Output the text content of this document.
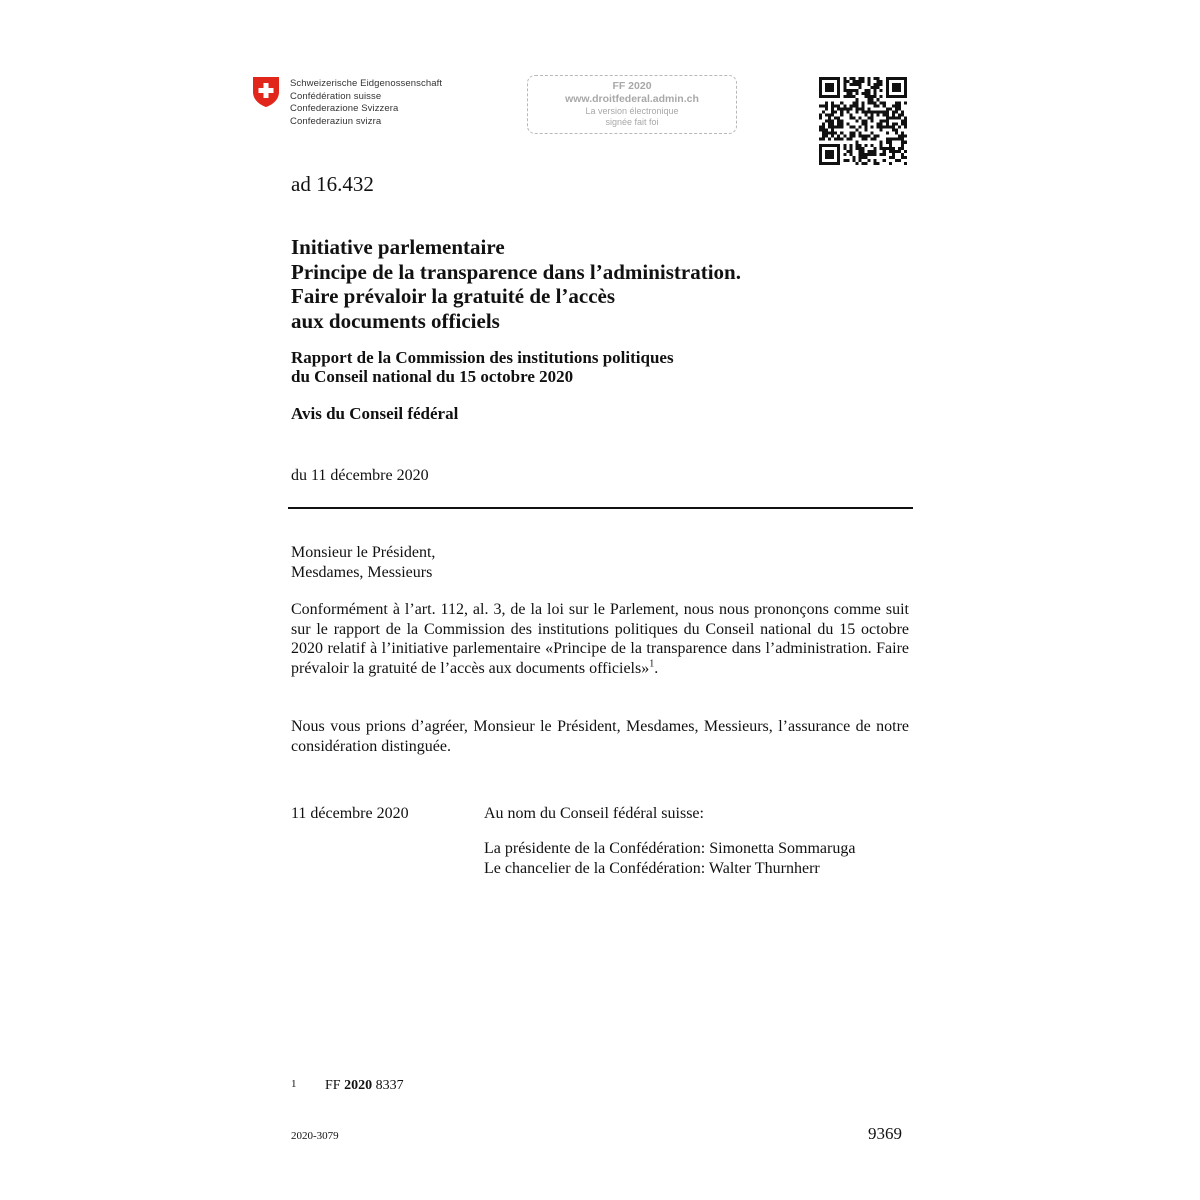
Schweizerische Eidgenossenschaft
Confédération suisse
Confederazione Svizzera
Confederaziun svizra
FF 2020
www.droitfederal.admin.ch
La version électronique
signée fait foi
ad 16.432
Initiative parlementaire
Principe de la transparence dans l’administration.
Faire prévaloir la gratuité de l’accès
aux documents officiels
Rapport de la Commission des institutions politiques
du Conseil national du 15 octobre 2020
Avis du Conseil fédéral
du 11 décembre 2020
Monsieur le Président,
Mesdames, Messieurs
Conformément à l’art. 112, al. 3, de la loi sur le Parlement, nous nous prononçons comme suit sur le rapport de la Commission des institutions politiques du Conseil national du 15 octobre 2020 relatif à l’initiative parlementaire «Principe de la transparence dans l’administration. Faire prévaloir la gratuité de l’accès aux documents officiels»$^1$.
Nous vous prions d’agréer, Monsieur le Président, Mesdames, Messieurs, l’assurance de notre considération distinguée.
11 décembre 2020	Au nom du Conseil fédéral suisse:
La présidente de la Confédération: Simonetta Sommaruga
Le chancelier de la Confédération: Walter Thurnherr
1 FF 2020 8337
2020-3079	9369
